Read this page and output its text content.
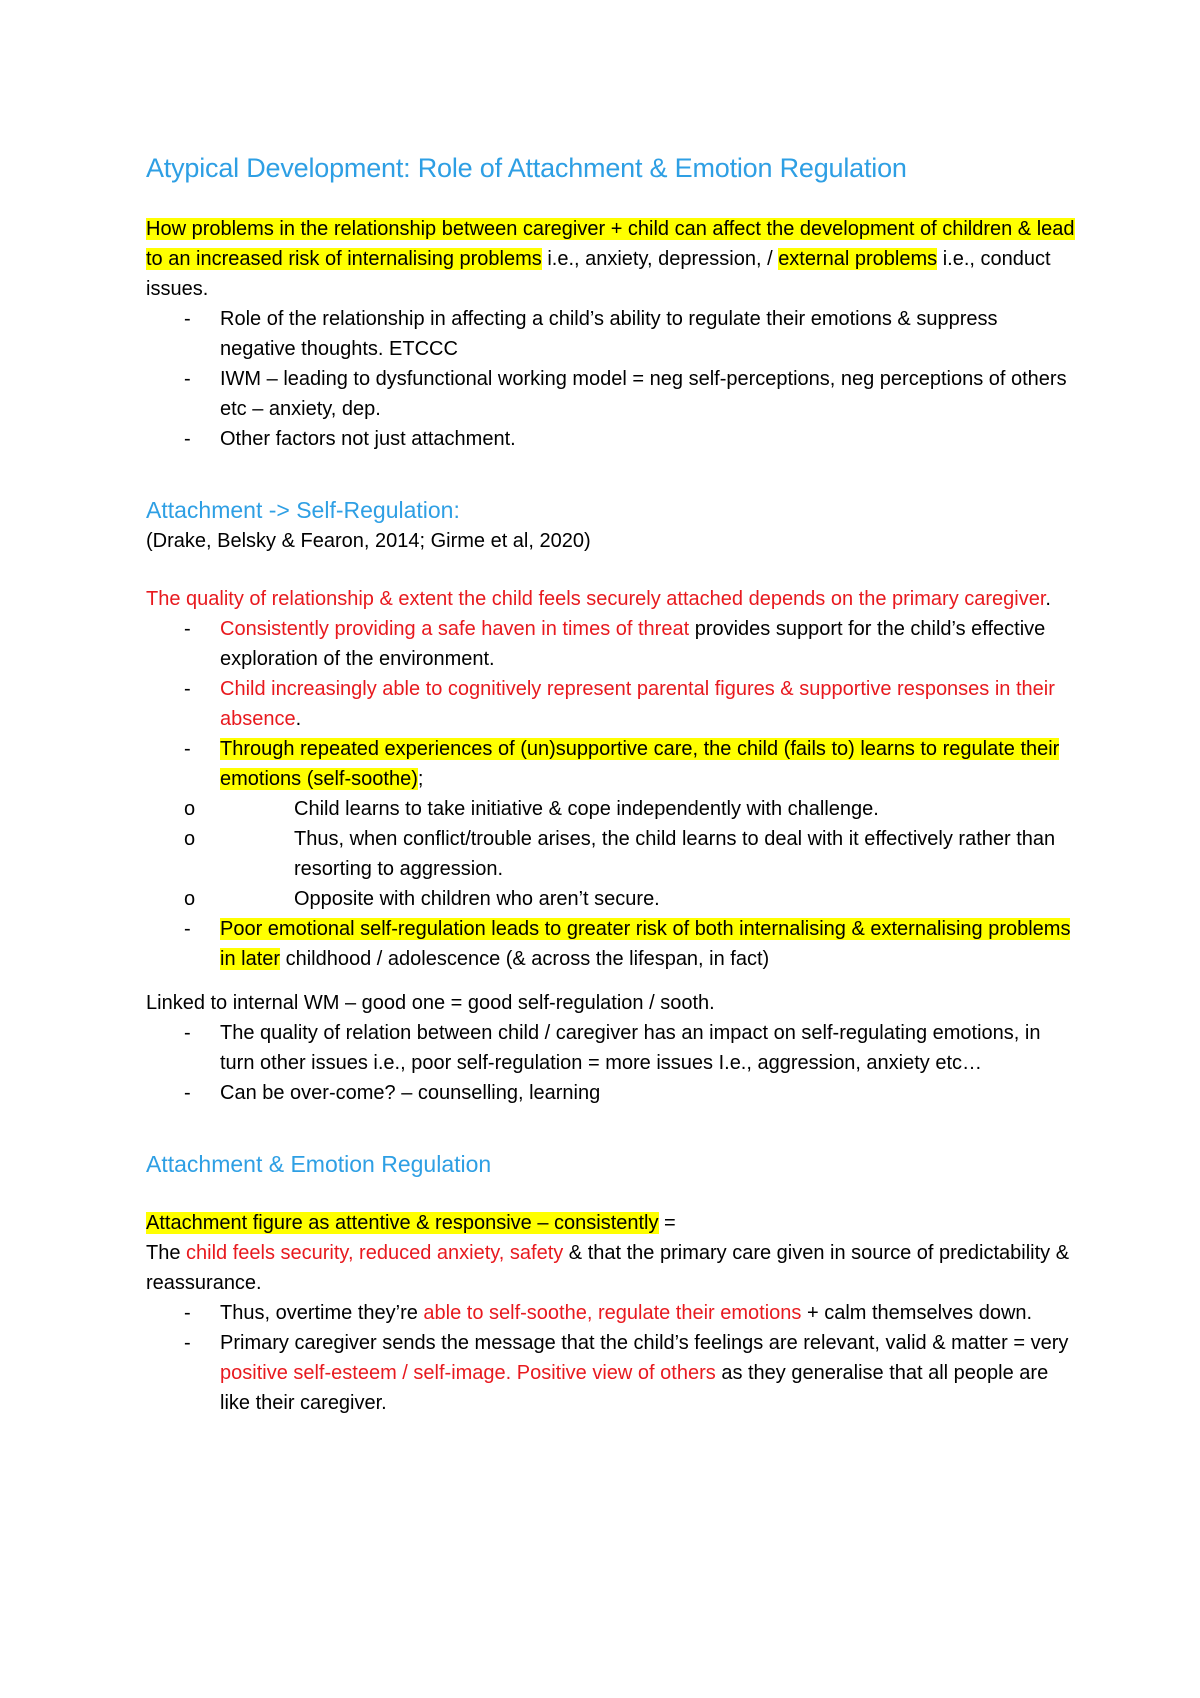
Atypical Development: Role of Attachment & Emotion Regulation

How problems in the relationship between caregiver + child can affect the development of children & lead to an increased risk of internalising problems i.e., anxiety, depression, / external problems i.e., conduct issues.

- Role of the relationship in affecting a child’s ability to regulate their emotions & suppress negative thoughts. ETCCC
- IWM – leading to dysfunctional working model = neg self-perceptions, neg perceptions of others etc – anxiety, dep.
- Other factors not just attachment.
Attachment -> Self-Regulation:

(Drake, Belsky & Fearon, 2014; Girme et al, 2020)

The quality of relationship & extent the child feels securely attached depends on the primary caregiver.

- Consistently providing a safe haven in times of threat provides support for the child’s effective exploration of the environment.
- Child increasingly able to cognitively represent parental figures & supportive responses in their absence.
- Through repeated experiences of (un)supportive care, the child (fails to) learns to regulate their emotions (self-soothe);
o Child learns to take initiative & cope independently with challenge.
o Thus, when conflict/trouble arises, the child learns to deal with it effectively rather than resorting to aggression.
o Opposite with children who aren’t secure.
- Poor emotional self-regulation leads to greater risk of both internalising & externalising problems in later childhood / adolescence (& across the lifespan, in fact)

Linked to internal WM – good one = good self-regulation / sooth.

- The quality of relation between child / caregiver has an impact on self-regulating emotions, in turn other issues i.e., poor self-regulation = more issues I.e., aggression, anxiety etc…
- Can be over-come? – counselling, learning
Attachment & Emotion Regulation

Attachment figure as attentive & responsive – consistently =

The child feels security, reduced anxiety, safety & that the primary care given in source of predictability & reassurance.

- Thus, overtime they’re able to self-soothe, regulate their emotions + calm themselves down.
- Primary caregiver sends the message that the child’s feelings are relevant, valid & matter = very positive self-esteem / self-image. Positive view of others as they generalise that all people are like their caregiver.
